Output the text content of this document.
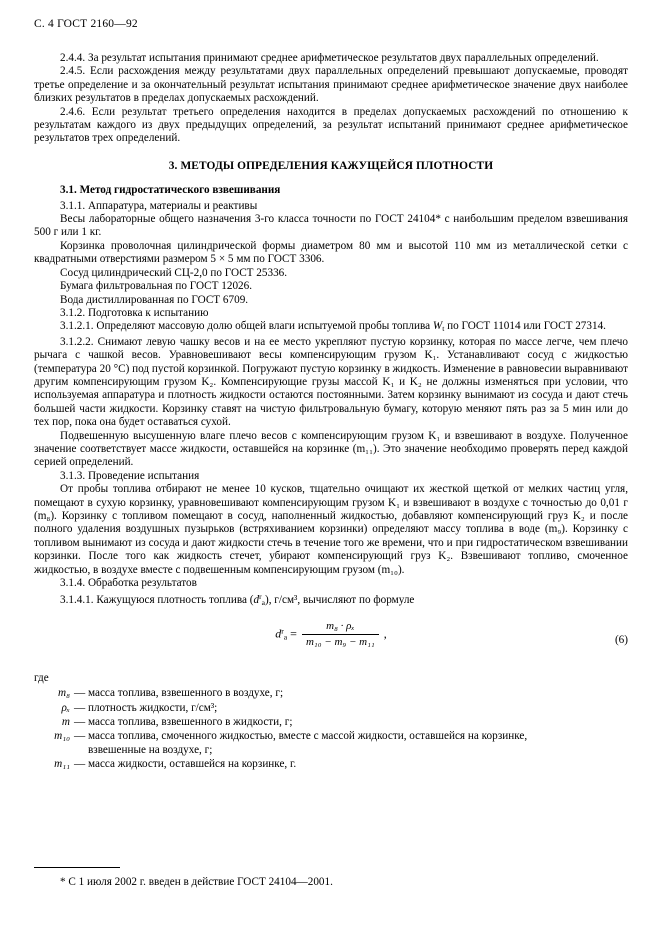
С. 4 ГОСТ 2160—92

2.4.4. За результат испытания принимают среднее арифметическое результатов двух параллельных определений.

2.4.5. Если расхождения между результатами двух параллельных определений превышают допускаемые, проводят третье определение и за окончательный результат испытания принимают среднее арифметическое значение двух наиболее близких результатов в пределах допускаемых расхождений.

2.4.6. Если результат третьего определения находится в пределах допускаемых расхождений по отношению к результатам каждого из двух предыдущих определений, за результат испытаний принимают среднее арифметическое результатов трех определений.

3. МЕТОДЫ ОПРЕДЕЛЕНИЯ КАЖУЩЕЙСЯ ПЛОТНОСТИ

3.1. Метод гидростатического взвешивания

3.1.1. Аппаратура, материалы и реактивы

Весы лабораторные общего назначения 3-го класса точности по ГОСТ 24104* с наибольшим пределом взвешивания 500 г или 1 кг.

Корзинка проволочная цилиндрической формы диаметром 80 мм и высотой 110 мм из металлической сетки с квадратными отверстиями размером 5 × 5 мм по ГОСТ 3306.

Сосуд цилиндрический СЦ-2,0 по ГОСТ 25336.

Бумага фильтровальная по ГОСТ 12026.

Вода дистиллированная по ГОСТ 6709.

3.1.2. Подготовка к испытанию

3.1.2.1. Определяют массовую долю общей влаги испытуемой пробы топлива $W_t$ по ГОСТ 11014 или ГОСТ 27314.

3.1.2.2. Снимают левую чашку весов и на ее место укрепляют пустую корзинку, которая по массе легче, чем плечо рычага с чашкой весов. Уравновешивают весы компенсирующим грузом K₁. Устанавливают сосуд с жидкостью (температура 20 °С) под пустой корзинкой. Погружают пустую корзинку в жидкость. Изменение в равновесии выравнивают другим компенсирующим грузом K₂. Компенсирующие грузы массой K₁ и K₂ не должны изменяться при условии, что используемая аппаратура и плотность жидкости остаются постоянными. Затем корзинку вынимают из сосуда и дают стечь большей части жидкости. Корзинку ставят на чистую фильтровальную бумагу, которую меняют пять раз за 5 мин или до тех пор, пока она будет оставаться сухой.

Подвешенную высушенную влаге плечо весов с компенсирующим грузом K₁ и взвешивают в воздухе. Полученное значение соответствует массе жидкости, оставшейся на корзинке (m₁₁). Это значение необходимо проверять перед каждой серией определений.

3.1.3. Проведение испытания

От пробы топлива отбирают не менее 10 кусков, тщательно очищают их жесткой щеткой от мелких частиц угля, помещают в сухую корзинку, уравновешивают компенсирующим грузом K₁ и взвешивают в воздухе с точностью до 0,01 г (m₈). Корзинку с топливом помещают в сосуд, наполненный жидкостью, добавляют компенсирующий груз K₂ и после полного удаления воздушных пузырьков (встряхиванием корзинки) определяют массу топлива в воде (m₉). Корзинку с топливом вынимают из сосуда и дают жидкости стечь в течение того же времени, что и при гидростатическом взвешивании корзинки. После того как жидкость стечет, убирают компенсирующий груз K₂. Взвешивают топливо, смоченное жидкостью, в воздухе вместе с подвешенным компенсирующим грузом (m₁₀).

3.1.4. Обработка результатов

3.1.4.1. Кажущуюся плотность топлива $(d^r_a)$, г/см³, вычисляют по формуле

$d^r_a = \frac{\text{m₈ · ρₓ}}{\text{m₁₀ − m₉ − m₁₁}}$ ,	(6)

где

m₈ — масса топлива, взвешенного в воздухе, г;
ρₓ — плотность жидкости, г/см³;
m — масса топлива, взвешенного в жидкости, г;
m₁₀ — масса топлива, смоченного жидкостью, вместе с массой жидкости, оставшейся на корзинке,
взвешенные на воздухе, г;
m₁₁ — масса жидкости, оставшейся на корзинке, г.
* С 1 июля 2002 г. введен в действие ГОСТ 24104—2001.
